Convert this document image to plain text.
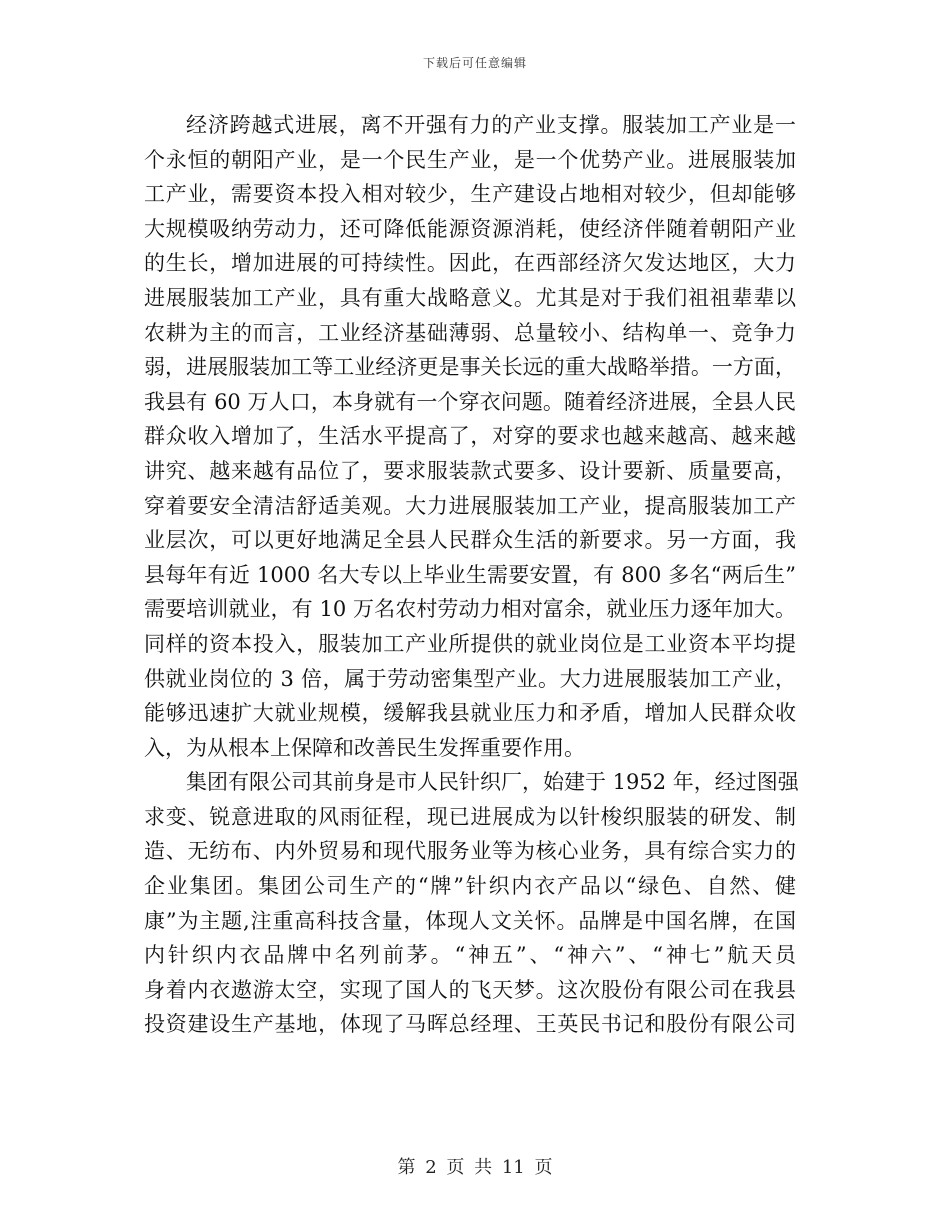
下载后可任意编辑
经济跨越式进展，离不开强有力的产业支撑。服装加工产业是一
个永恒的朝阳产业，是一个民生产业，是一个优势产业。进展服装加
工产业，需要资本投入相对较少，生产建设占地相对较少，但却能够
大规模吸纳劳动力，还可降低能源资源消耗，使经济伴随着朝阳产业
的生长，增加进展的可持续性。因此，在西部经济欠发达地区，大力
进展服装加工产业，具有重大战略意义。尤其是对于我们祖祖辈辈以
农耕为主的而言，工业经济基础薄弱、总量较小、结构单一、竞争力
弱，进展服装加工等工业经济更是事关长远的重大战略举措。一方面，
我县有 60 万人口，本身就有一个穿衣问题。随着经济进展，全县人民
群众收入增加了，生活水平提高了，对穿的要求也越来越高、越来越
讲究、越来越有品位了，要求服装款式要多、设计要新、质量要高，
穿着要安全清洁舒适美观。大力进展服装加工产业，提高服装加工产
业层次，可以更好地满足全县人民群众生活的新要求。另一方面，我
县每年有近 1000 名大专以上毕业生需要安置，有 800 多名“两后生”
需要培训就业，有 10 万名农村劳动力相对富余，就业压力逐年加大。
同样的资本投入，服装加工产业所提供的就业岗位是工业资本平均提
供就业岗位的 3 倍，属于劳动密集型产业。大力进展服装加工产业，
能够迅速扩大就业规模，缓解我县就业压力和矛盾，增加人民群众收
入，为从根本上保障和改善民生发挥重要作用。
集团有限公司其前身是市人民针织厂，始建于 1952 年，经过图强
求变、锐意进取的风雨征程，现已进展成为以针梭织服装的研发、制
造、无纺布、内外贸易和现代服务业等为核心业务，具有综合实力的
企业集团。集团公司生产的“牌”针织内衣产品以“绿色、自然、健
康”为主题,注重高科技含量，体现人文关怀。品牌是中国名牌，在国
内针织内衣品牌中名列前茅。“神五”、“神六”、“神七”航天员
身着内衣遨游太空，实现了国人的飞天梦。这次股份有限公司在我县
投资建设生产基地，体现了马晖总经理、王英民书记和股份有限公司
第 2 页 共 11 页
